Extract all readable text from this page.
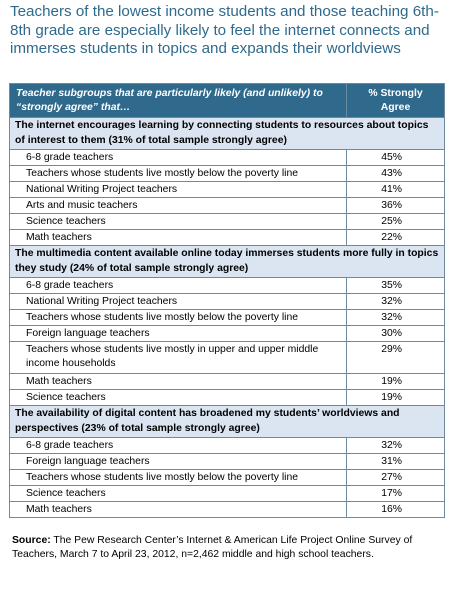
Teachers of the lowest income students and those teaching 6th-8th grade are especially likely to feel the internet connects and immerses students in topics and expands their worldviews
Teacher subgroups that are particularly likely (and unlikely) to “strongly agree” that…	% Strongly
Agree
The internet encourages learning by connecting students to resources about topics of interest to them (31% of total sample strongly agree)	
6-8 grade teachers	45%
Teachers whose students live mostly below the poverty line	43%
National Writing Project teachers	41%
Arts and music teachers	36%
Science teachers	25%
Math teachers	22%
The multimedia content available online today immerses students more fully in topics they study (24% of total sample strongly agree)	
6-8 grade teachers	35%
National Writing Project teachers	32%
Teachers whose students live mostly below the poverty line	32%
Foreign language teachers	30%
Teachers whose students live mostly in upper and upper middle income households	29%
Math teachers	19%
Science teachers	19%
The availability of digital content has broadened my students’ worldviews and perspectives (23% of total sample strongly agree)	
6-8 grade teachers	32%
Foreign language teachers	31%
Teachers whose students live mostly below the poverty line	27%
Science teachers	17%
Math teachers	16%
Source: The Pew Research Center’s Internet & American Life Project Online Survey of Teachers, March 7 to April 23, 2012, n=2,462 middle and high school teachers.
